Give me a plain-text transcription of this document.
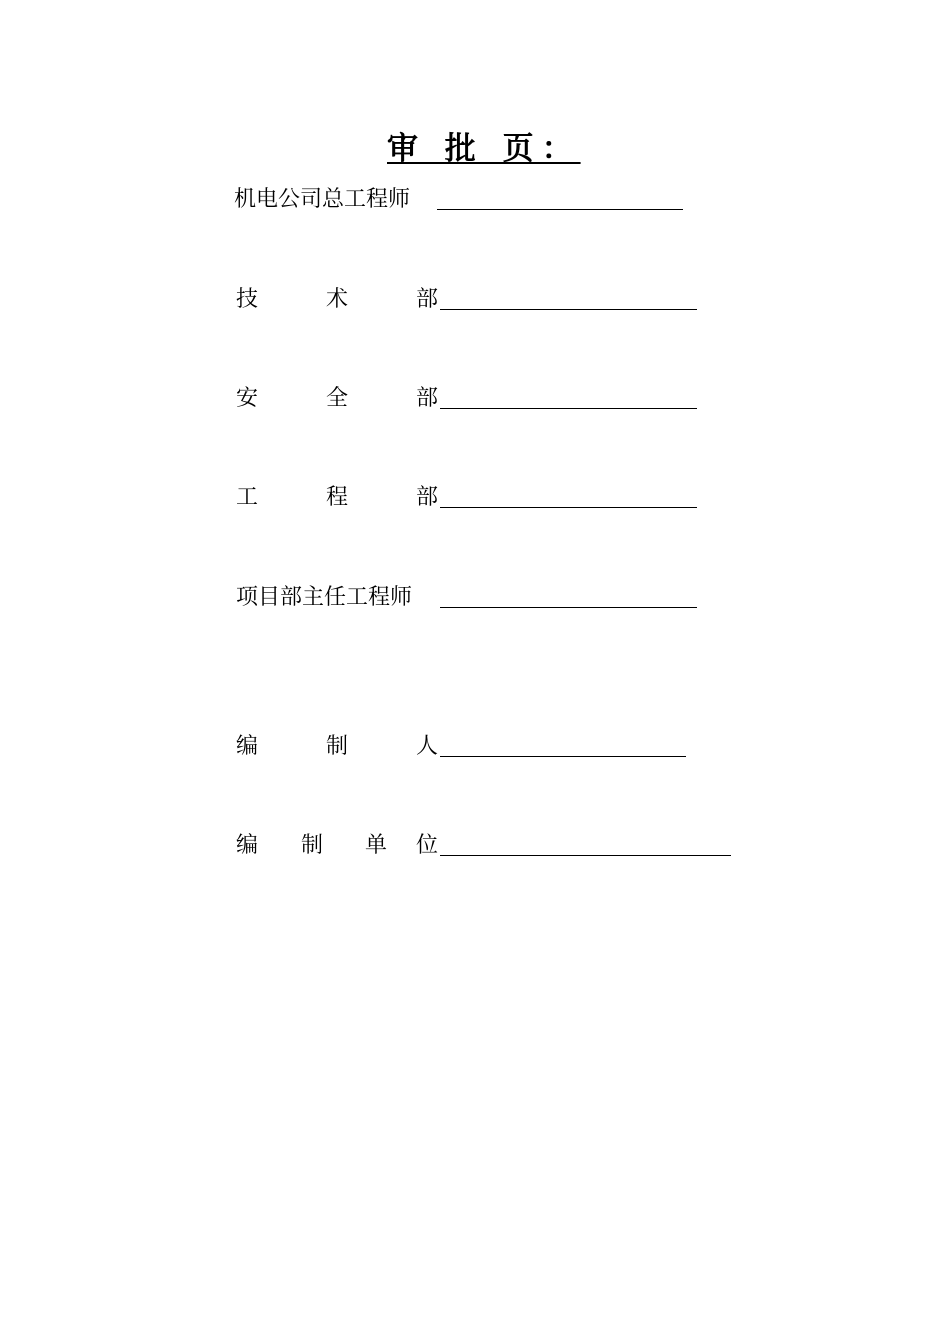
审 批 页：
机电公司总工程师
技	术	部
安	全	部
工	程	部
项目部主任工程师
编	制	人
编 制 单 位
